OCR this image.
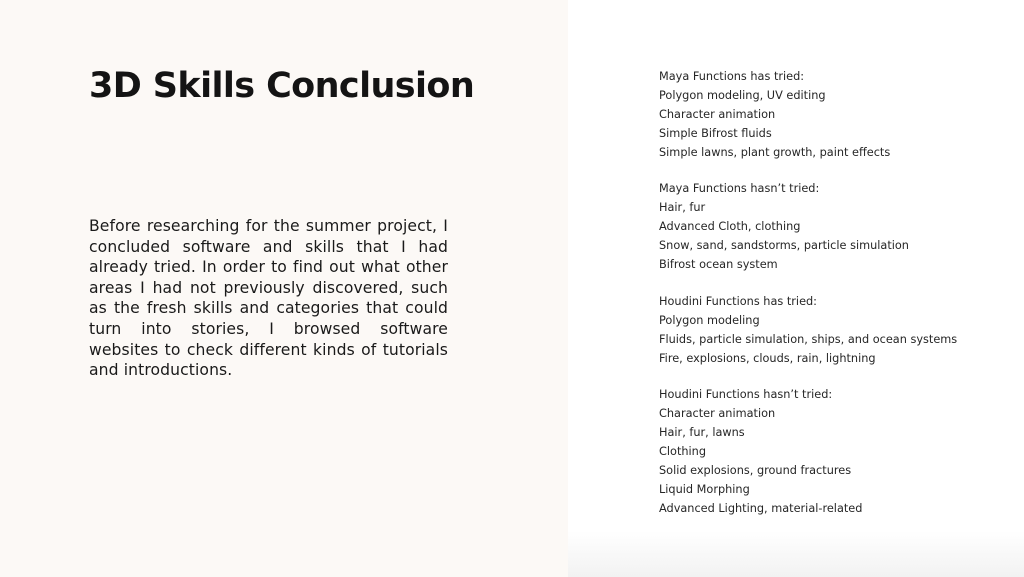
3D Skills Conclusion

Before researching for the summer project, I concluded software and skills that I had already tried. In order to find out what other areas I had not previously discovered, such as the fresh skills and categories that could turn into stories, I browsed software websites to check different kinds of tutorials and introductions.

Maya Functions has tried:
Polygon modeling, UV editing
Character animation
Simple Bifrost fluids
Simple lawns, plant growth, paint effects
Maya Functions hasn’t tried:
Hair, fur
Advanced Cloth, clothing
Snow, sand, sandstorms, particle simulation
Bifrost ocean system
Houdini Functions has tried:
Polygon modeling
Fluids, particle simulation, ships, and ocean systems
Fire, explosions, clouds, rain, lightning
Houdini Functions hasn’t tried:
Character animation
Hair, fur, lawns
Clothing
Solid explosions, ground fractures
Liquid Morphing
Advanced Lighting, material-related
